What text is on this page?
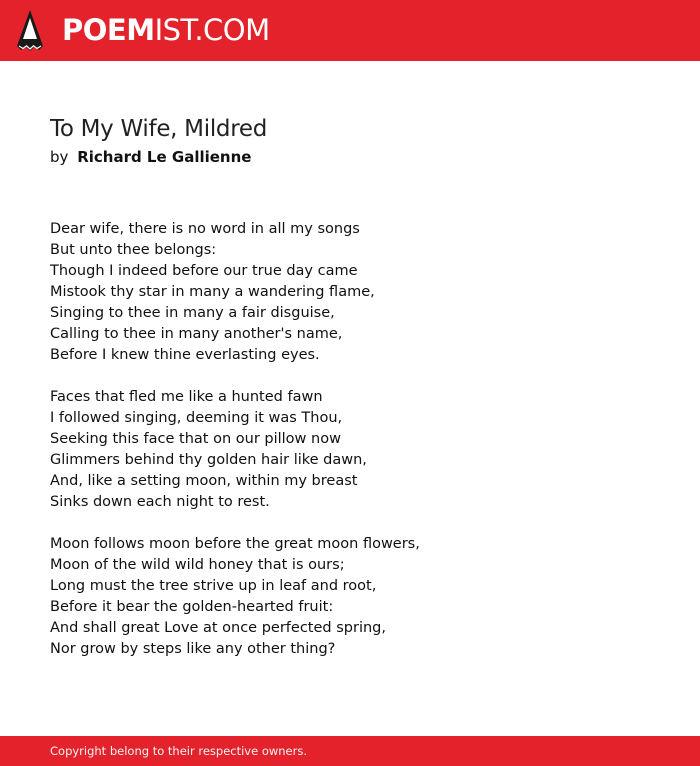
POEMIST.COM
To My Wife, Mildred
by Richard Le Gallienne
Dear wife, there is no word in all my songs
But unto thee belongs:
Though I indeed before our true day came
Mistook thy star in many a wandering flame,
Singing to thee in many a fair disguise,
Calling to thee in many another's name,
Before I knew thine everlasting eyes.
Faces that fled me like a hunted fawn
I followed singing, deeming it was Thou,
Seeking this face that on our pillow now
Glimmers behind thy golden hair like dawn,
And, like a setting moon, within my breast
Sinks down each night to rest.
Moon follows moon before the great moon flowers,
Moon of the wild wild honey that is ours;
Long must the tree strive up in leaf and root,
Before it bear the golden-hearted fruit:
And shall great Love at once perfected spring,
Nor grow by steps like any other thing?
Copyright belong to their respective owners.
